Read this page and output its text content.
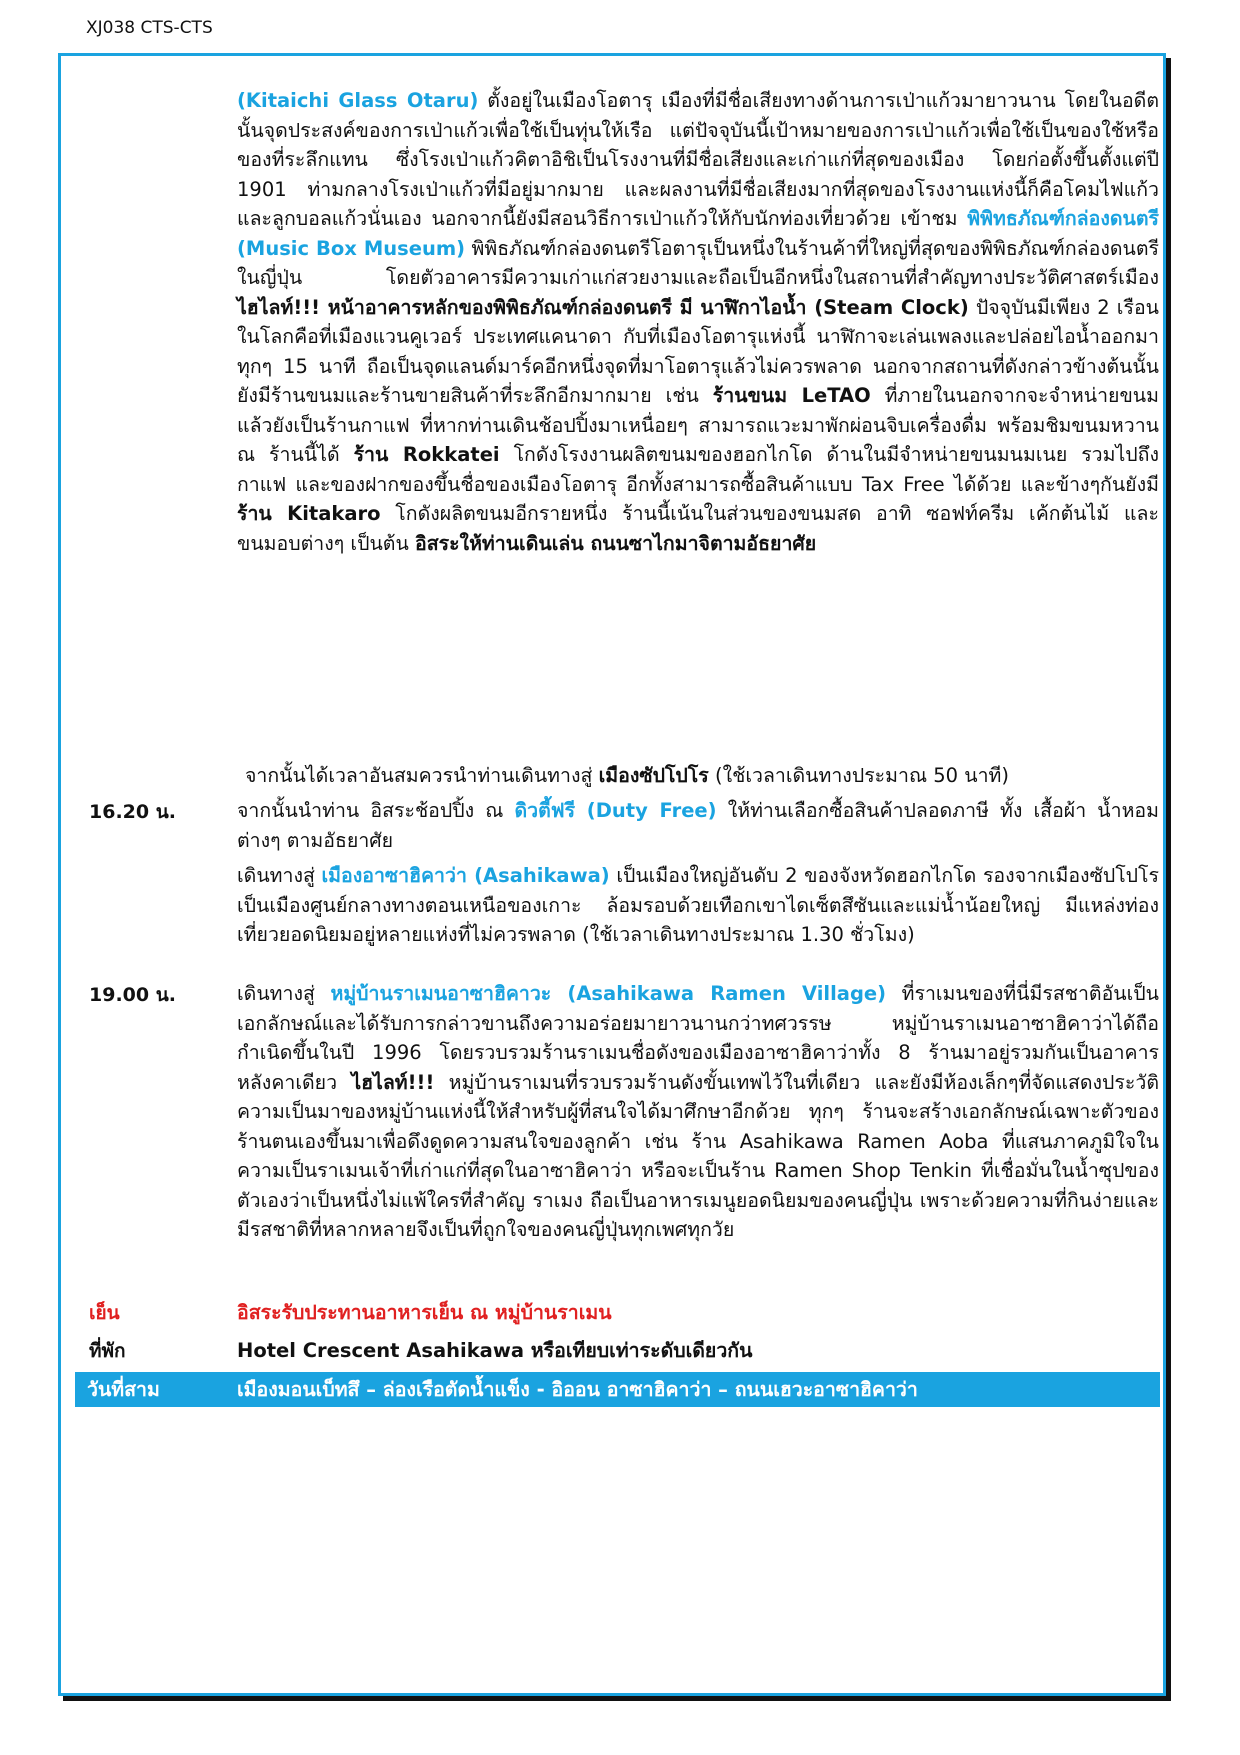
XJ038 CTS-CTS
(Kitaichi Glass Otaru) ตั้งอยู่ในเมืองโอตารุ เมืองที่มีชื่อเสียงทางด้านการเป่าแก้วมายาวนาน โดยในอดีตนั้นจุดประสงค์ของการเป่าแก้วเพื่อใช้เป็นทุ่นให้เรือ แต่ปัจจุบันนี้เป้าหมายของการเป่าแก้วเพื่อใช้เป็นของใช้หรือของที่ระลึกแทน ซึ่งโรงเป่าแก้วคิตาอิชิเป็นโรงงานที่มีชื่อเสียงและเก่าแก่ที่สุดของเมือง โดยก่อตั้งขึ้นตั้งแต่ปี 1901 ท่ามกลางโรงเป่าแก้วที่มีอยู่มากมาย และผลงานที่มีชื่อเสียงมากที่สุดของโรงงานแห่งนี้ก็คือโคมไฟแก้วและลูกบอลแก้วนั่นเอง นอกจากนี้ยังมีสอนวิธีการเป่าแก้วให้กับนักท่องเที่ยวด้วย เข้าชม พิพิทธภัณฑ์กล่องดนตรี (Music Box Museum) พิพิธภัณฑ์กล่องดนตรีโอตารุเป็นหนึ่งในร้านค้าที่ใหญ่ที่สุดของพิพิธภัณฑ์กล่องดนตรีในญี่ปุ่น โดยตัวอาคารมีความเก่าแก่สวยงามและถือเป็นอีกหนึ่งในสถานที่สำคัญทางประวัติศาสตร์เมือง ไฮไลท์!!! หน้าอาคารหลักของพิพิธภัณฑ์กล่องดนตรี มี นาฬิกาไอน้ำ (Steam Clock) ปัจจุบันมีเพียง 2 เรือนในโลกคือที่เมืองแวนคูเวอร์ ประเทศแคนาดา กับที่เมืองโอตารุแห่งนี้ นาฬิกาจะเล่นเพลงและปล่อยไอน้ำออกมาทุกๆ 15 นาที ถือเป็นจุดแลนด์มาร์คอีกหนึ่งจุดที่มาโอตารุแล้วไม่ควรพลาด นอกจากสถานที่ดังกล่าวข้างต้นนั้น ยังมีร้านขนมและร้านขายสินค้าที่ระลึกอีกมากมาย เช่น ร้านขนม LeTAO ที่ภายในนอกจากจะจำหน่ายขนมแล้วยังเป็นร้านกาแฟ ที่หากท่านเดินช้อปปิ้งมาเหนื่อยๆ สามารถแวะมาพักผ่อนจิบเครื่องดื่ม พร้อมชิมขนมหวาน ณ ร้านนี้ได้ ร้าน Rokkatei โกดังโรงงานผลิตขนมของฮอกไกโด ด้านในมีจำหน่ายขนมนมเนย รวมไปถึง กาแฟ และของฝากของขึ้นชื่อของเมืองโอตารุ อีกทั้งสามารถซื้อสินค้าแบบ Tax Free ได้ด้วย และข้างๆกันยังมี ร้าน Kitakaro โกดังผลิตขนมอีกรายหนึ่ง ร้านนี้เน้นในส่วนของขนมสด อาทิ ซอฟท์ครีม เค้กต้นไม้ และขนมอบต่างๆ เป็นต้น อิสระให้ท่านเดินเล่น ถนนซาไกมาจิตามอัธยาศัย
จากนั้นได้เวลาอันสมควรนำท่านเดินทางสู่ เมืองซัปโปโร (ใช้เวลาเดินทางประมาณ 50 นาที)
16.20 น.	จากนั้นนำท่าน อิสระช้อปปิ้ง ณ ดิวตี้ฟรี (Duty Free) ให้ท่านเลือกซื้อสินค้าปลอดภาษี ทั้ง เสื้อผ้า น้ำหอม ต่างๆ ตามอัธยาศัย
เดินทางสู่ เมืองอาซาฮิคาว่า (Asahikawa) เป็นเมืองใหญ่อันดับ 2 ของจังหวัดฮอกไกโด รองจากเมืองซัปโปโร เป็นเมืองศูนย์กลางทางตอนเหนือของเกาะ ล้อมรอบด้วยเทือกเขาไดเซ็ตสึซันและแม่น้ำน้อยใหญ่ มีแหล่งท่องเที่ยวยอดนิยมอยู่หลายแห่งที่ไม่ควรพลาด (ใช้เวลาเดินทางประมาณ 1.30 ชั่วโมง)
19.00 น.	เดินทางสู่ หมู่บ้านราเมนอาซาฮิคาวะ (Asahikawa Ramen Village) ที่ราเมนของที่นี่มีรสชาติอันเป็นเอกลักษณ์และได้รับการกล่าวขานถึงความอร่อยมายาวนานกว่าทศวรรษ หมู่บ้านราเมนอาซาฮิคาว่าได้ถือกำเนิดขึ้นในปี 1996 โดยรวบรวมร้านราเมนชื่อดังของเมืองอาซาฮิคาว่าทั้ง 8 ร้านมาอยู่รวมกันเป็นอาคารหลังคาเดียว ไฮไลท์!!! หมู่บ้านราเมนที่รวบรวมร้านดังขั้นเทพไว้ในที่เดียว และยังมีห้องเล็กๆที่จัดแสดงประวัติความเป็นมาของหมู่บ้านแห่งนี้ให้สำหรับผู้ที่สนใจได้มาศึกษาอีกด้วย ทุกๆ ร้านจะสร้างเอกลักษณ์เฉพาะตัวของร้านตนเองขึ้นมาเพื่อดึงดูดความสนใจของลูกค้า เช่น ร้าน Asahikawa Ramen Aoba ที่แสนภาคภูมิใจในความเป็นราเมนเจ้าที่เก่าแก่ที่สุดในอาซาฮิคาว่า หรือจะเป็นร้าน Ramen Shop Tenkin ที่เชื่อมั่นในน้ำซุปของตัวเองว่าเป็นหนึ่งไม่แพ้ใครที่สำคัญ ราเมง ถือเป็นอาหารเมนูยอดนิยมของคนญี่ปุ่น เพราะด้วยความที่กินง่ายและมีรสชาติที่หลากหลายจึงเป็นที่ถูกใจของคนญี่ปุ่นทุกเพศทุกวัย
เย็น	อิสระรับประทานอาหารเย็น ณ หมู่บ้านราเมน
ที่พัก	Hotel Crescent Asahikawa หรือเทียบเท่าระดับเดียวกัน
วันที่สาม	เมืองมอนเบ็ทสึ – ล่องเรือตัดน้ำแข็ง - อิออน อาซาฮิคาว่า – ถนนเฮวะอาซาฮิคาว่า
